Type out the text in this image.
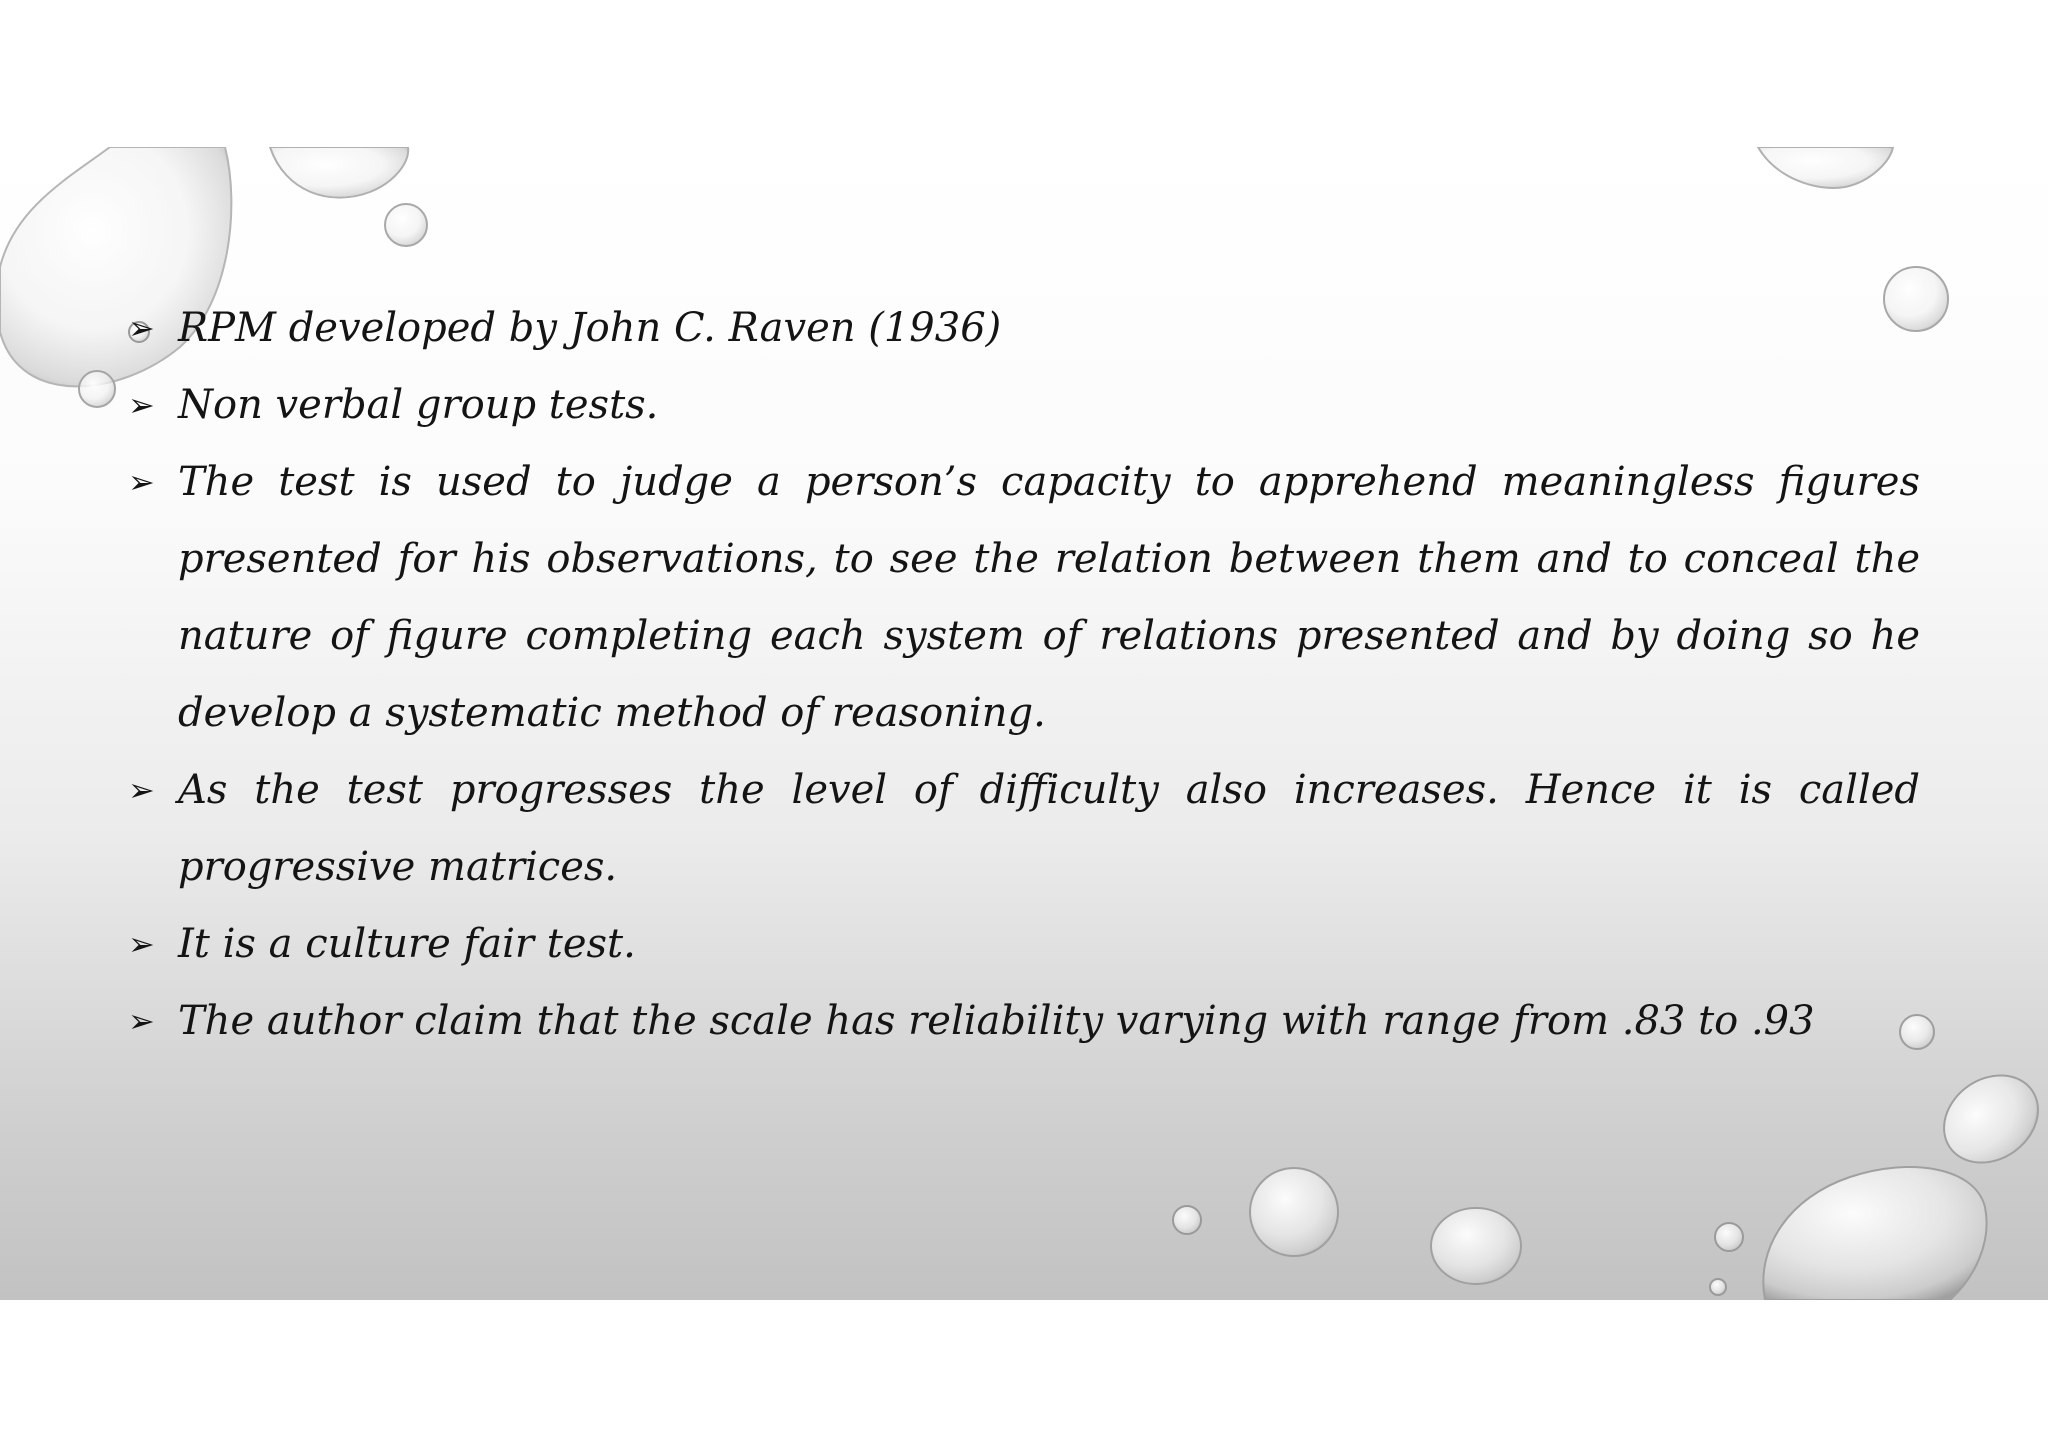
➢ RPM developed by John C. Raven (1936)
➢ Non verbal group tests.
➢ The test is used to judge a person’s capacity to apprehend meaningless figures presented for his observations, to see the relation between them and to conceal the nature of figure completing each system of relations presented and by doing so he develop a systematic method of reasoning.
➢ As the test progresses the level of difficulty also increases. Hence it is called progressive matrices.
➢ It is a culture fair test.
➢ The author claim that the scale has reliability varying with range from .83 to .93
